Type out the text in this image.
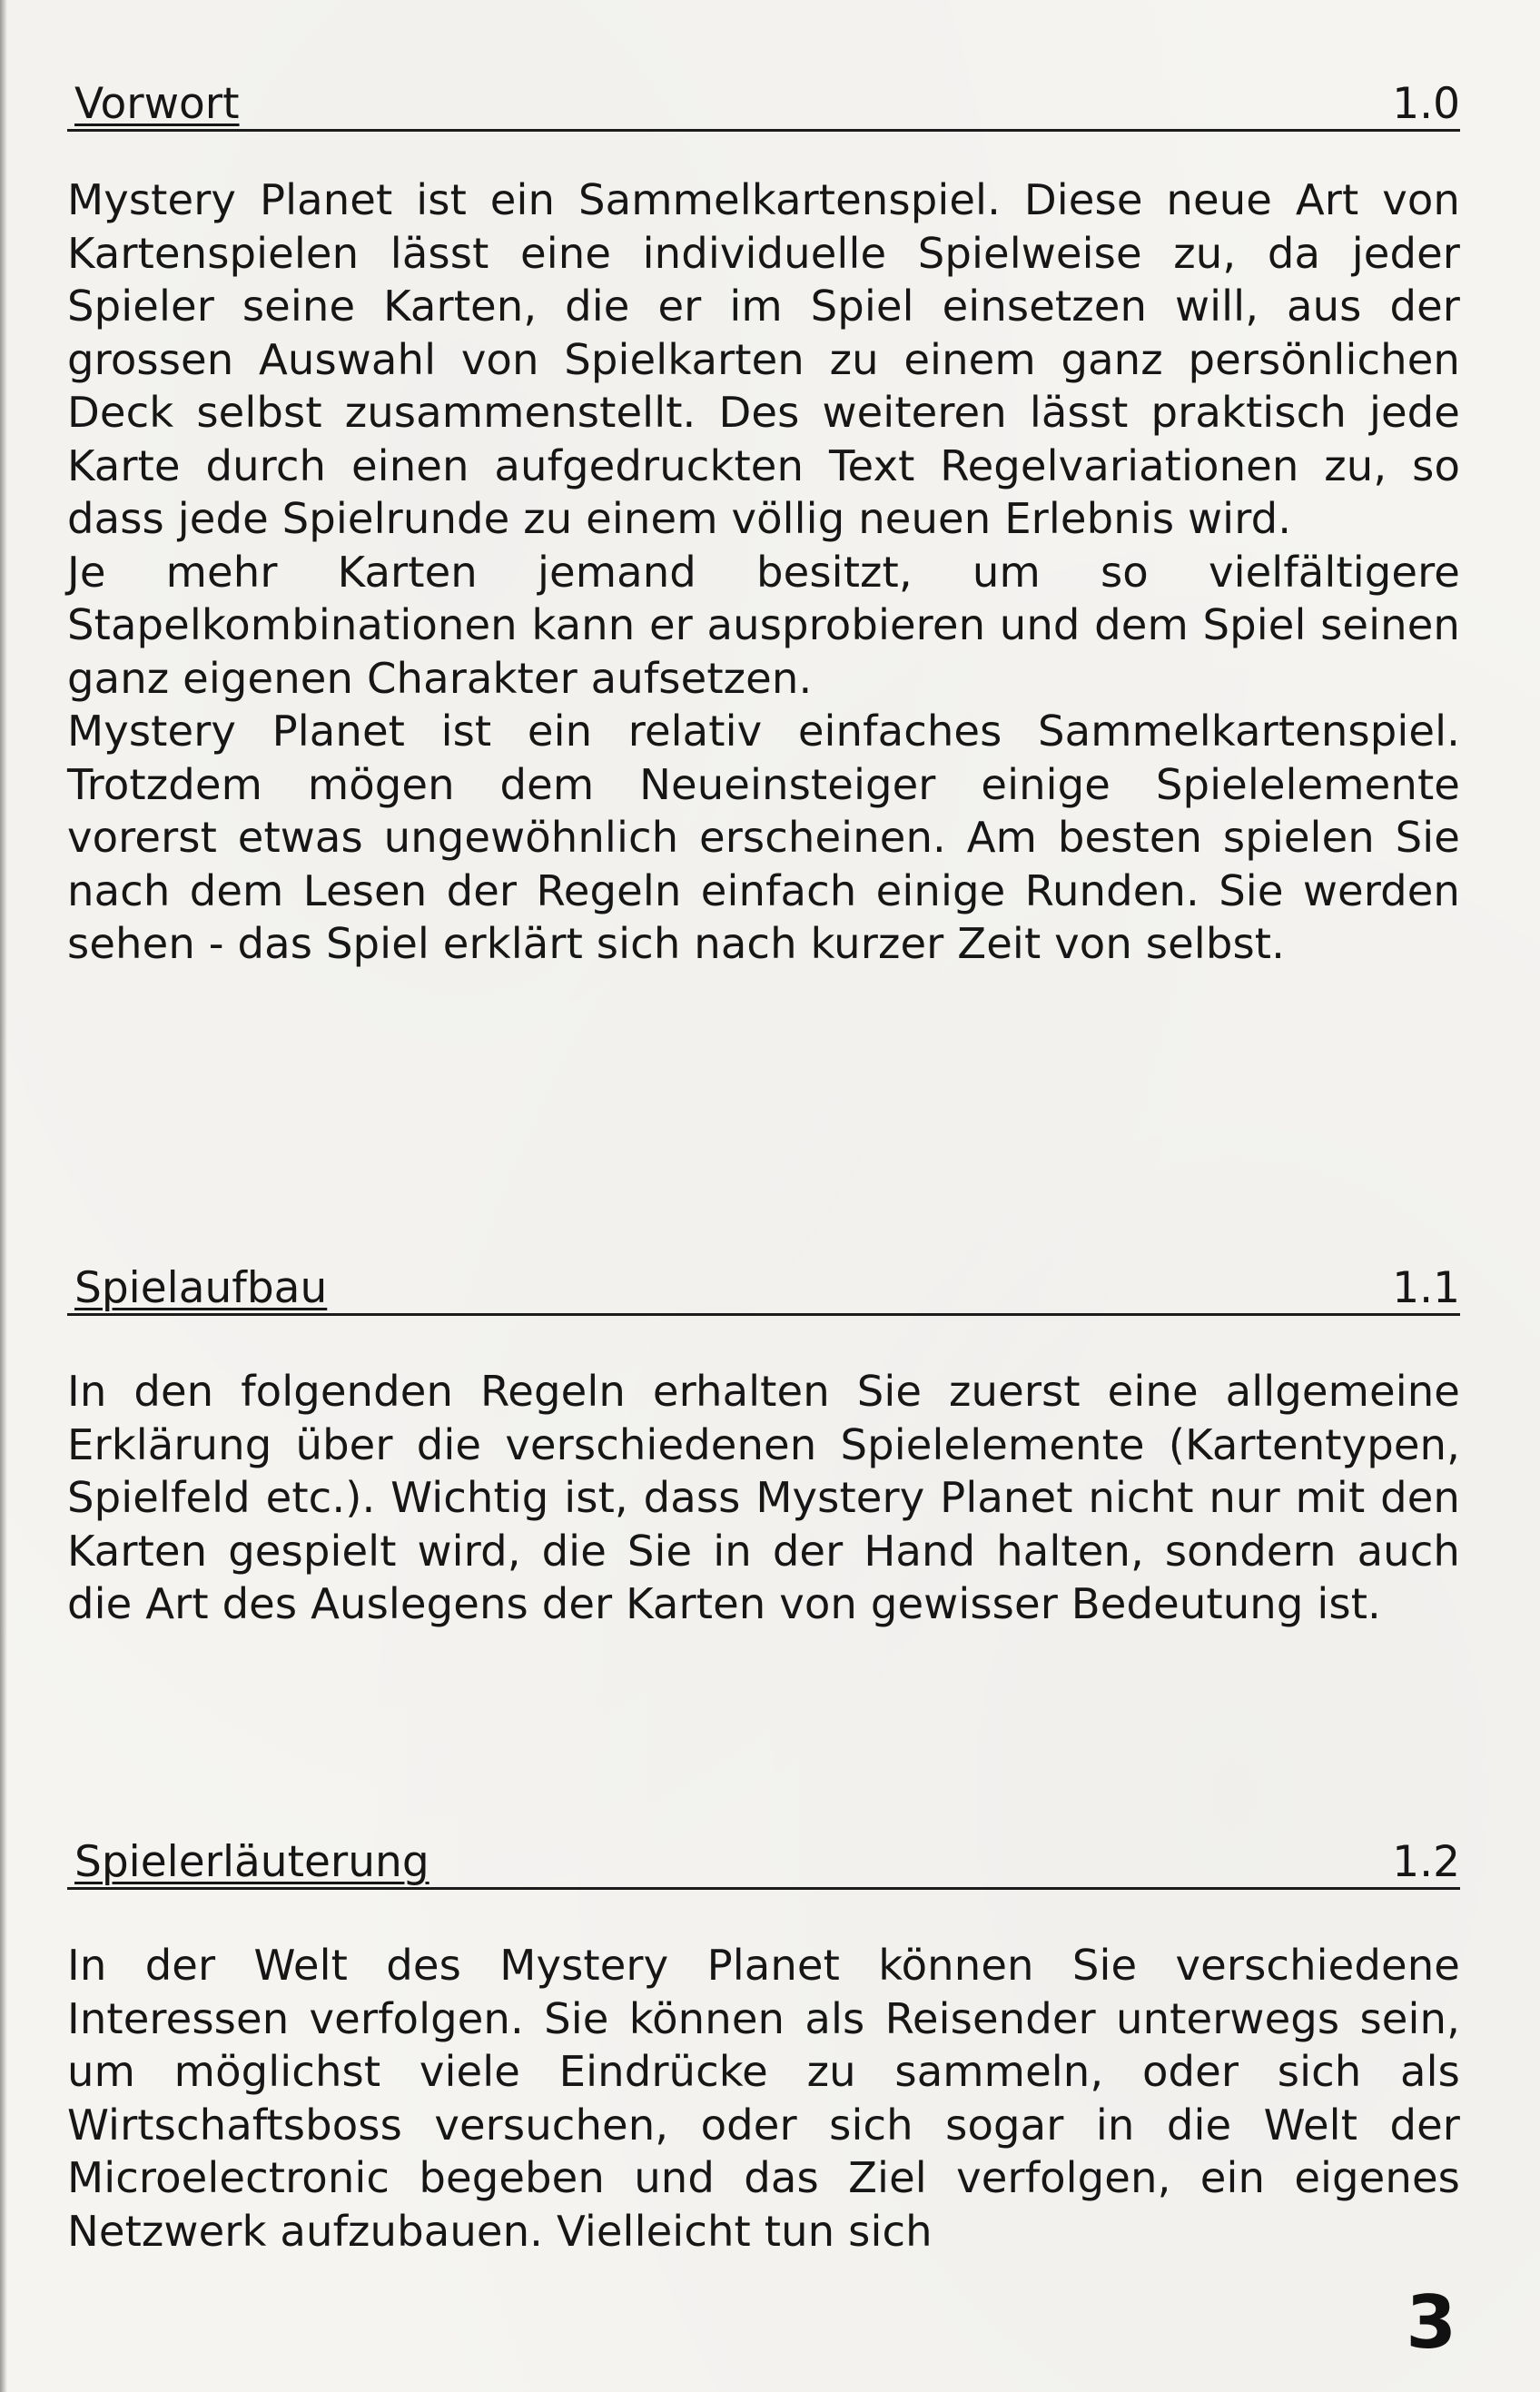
Vorwort	1.0

Mystery Planet ist ein Sammelkartenspiel. Diese neue Art von Kartenspielen lässt eine individuelle Spielweise zu, da jeder Spieler seine Karten, die er im Spiel einsetzen will, aus der grossen Auswahl von Spielkarten zu einem ganz persönlichen Deck selbst zusammenstellt. Des weiteren lässt praktisch jede Karte durch einen aufgedruckten Text Regelvariationen zu, so dass jede Spielrunde zu einem völlig neuen Erlebnis wird.

Je mehr Karten jemand besitzt, um so vielfältigere Stapelkombinationen kann er ausprobieren und dem Spiel seinen ganz eigenen Charakter aufsetzen.

Mystery Planet ist ein relativ einfaches Sammelkartenspiel. Trotzdem mögen dem Neueinsteiger einige Spielelemente vorerst etwas ungewöhnlich erscheinen. Am besten spielen Sie nach dem Lesen der Regeln einfach einige Runden. Sie werden sehen - das Spiel erklärt sich nach kurzer Zeit von selbst.

Spielaufbau	1.1

In den folgenden Regeln erhalten Sie zuerst eine allgemeine Erklärung über die verschiedenen Spielelemente (Kartentypen, Spielfeld etc.). Wichtig ist, dass Mystery Planet nicht nur mit den Karten gespielt wird, die Sie in der Hand halten, sondern auch die Art des Auslegens der Karten von gewisser Bedeutung ist.

Spielerläuterung	1.2

In der Welt des Mystery Planet können Sie verschiedene Interessen verfolgen. Sie können als Reisender unterwegs sein, um möglichst viele Eindrücke zu sammeln, oder sich als Wirtschaftsboss versuchen, oder sich sogar in die Welt der Microelectronic begeben und das Ziel verfolgen, ein eigenes Netzwerk aufzubauen. Vielleicht tun sich

3
